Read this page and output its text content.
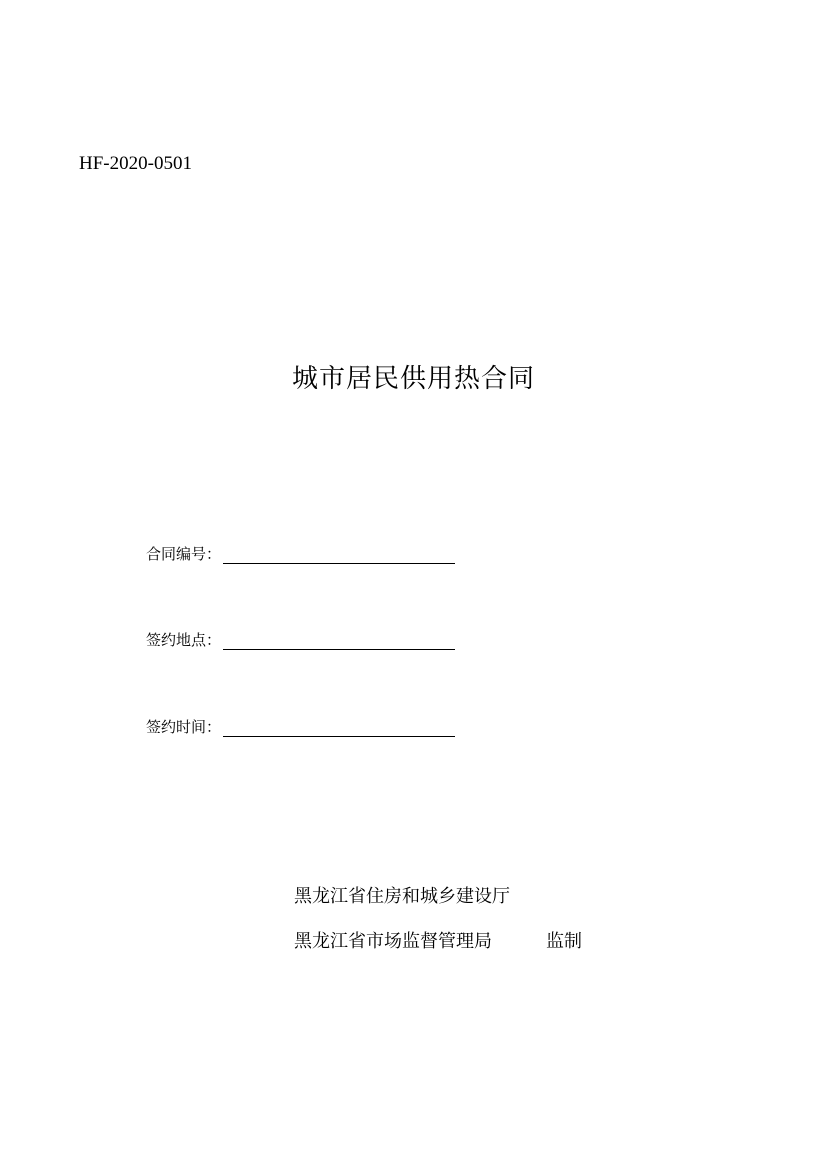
HF-2020-0501
城市居民供用热合同
合同编号：
签约地点：
签约时间：
黑龙江省住房和城乡建设厅
黑龙江省市场监督管理局	监制
